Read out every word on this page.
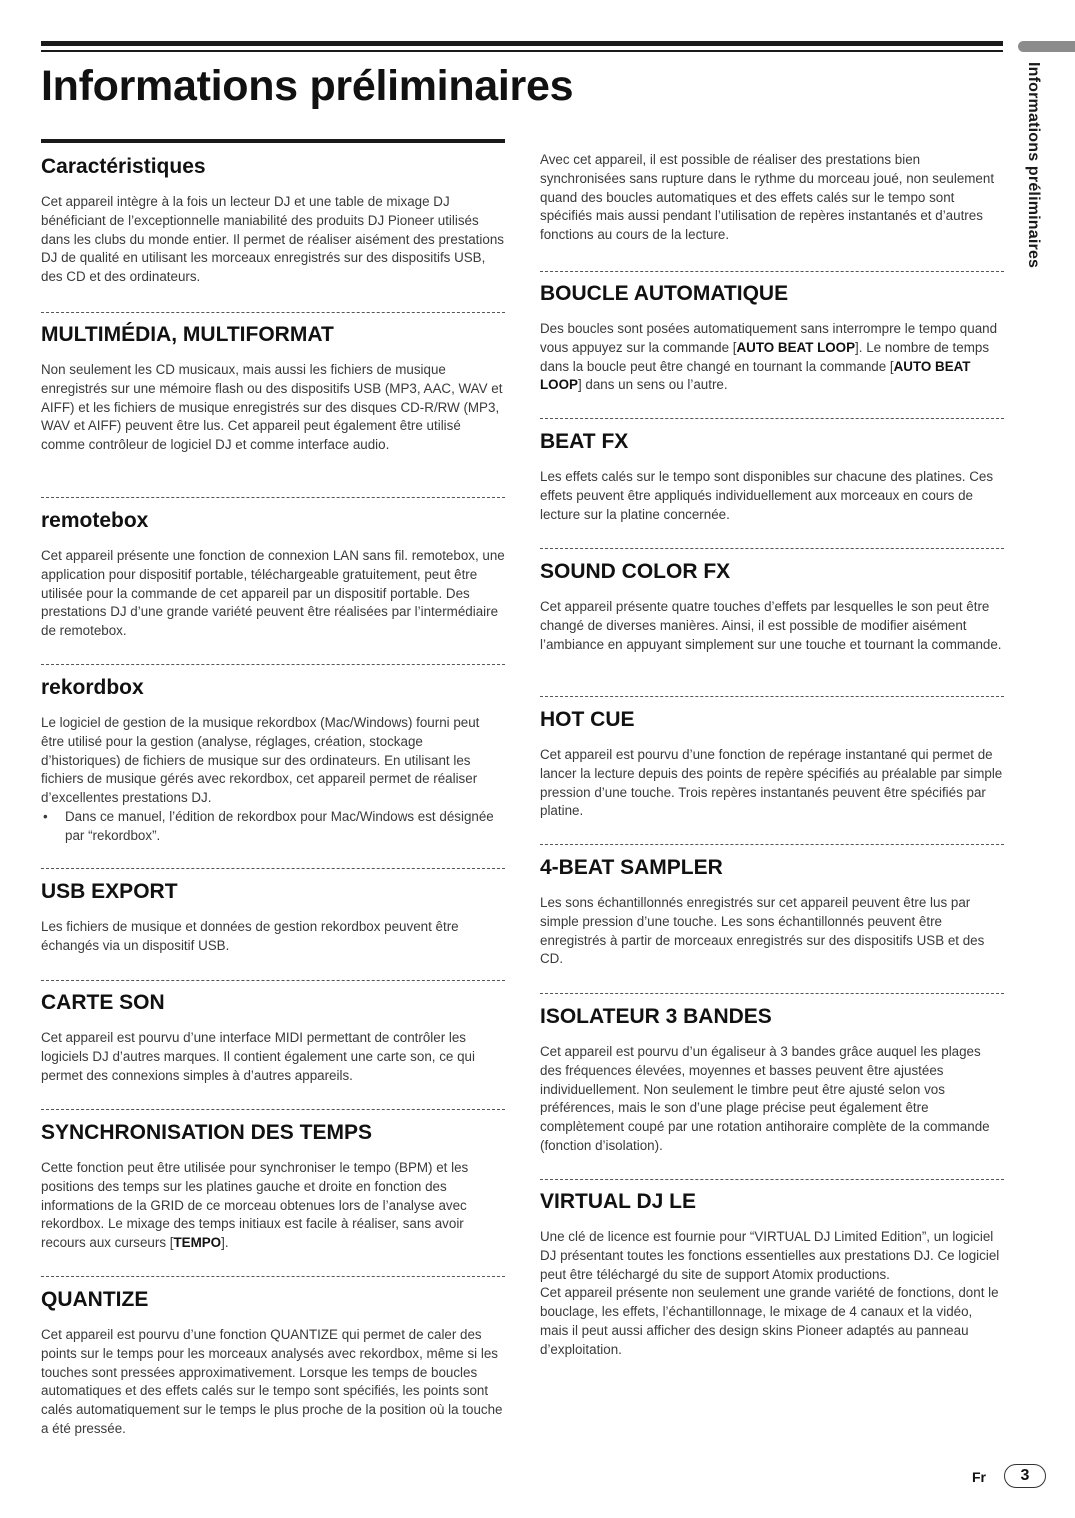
Informations préliminaires
Informations préliminaires
Caractéristiques

Cet appareil intègre à la fois un lecteur DJ et une table de mixage DJ bénéficiant de l’exceptionnelle maniabilité des produits DJ Pioneer utilisés dans les clubs du monde entier. Il permet de réaliser aisément des prestations DJ de qualité en utilisant les morceaux enregistrés sur des dispositifs USB, des CD et des ordinateurs.

MULTIMÉDIA, MULTIFORMAT

Non seulement les CD musicaux, mais aussi les fichiers de musique enregistrés sur une mémoire flash ou des dispositifs USB (MP3, AAC, WAV et AIFF) et les fichiers de musique enregistrés sur des disques CD-R/RW (MP3, WAV et AIFF) peuvent être lus. Cet appareil peut également être utilisé comme contrôleur de logiciel DJ et comme interface audio.

remotebox

Cet appareil présente une fonction de connexion LAN sans fil. remotebox, une application pour dispositif portable, téléchargeable gratuitement, peut être utilisée pour la commande de cet appareil par un dispositif portable. Des prestations DJ d’une grande variété peuvent être réalisées par l’intermédiaire de remotebox.

rekordbox

Le logiciel de gestion de la musique rekordbox (Mac/Windows) fourni peut être utilisé pour la gestion (analyse, réglages, création, stockage d’historiques) de fichiers de musique sur des ordinateurs. En utilisant les fichiers de musique gérés avec rekordbox, cet appareil permet de réaliser d’excellentes prestations DJ.

• Dans ce manuel, l’édition de rekordbox pour Mac/Windows est désignée par “rekordbox”.
USB EXPORT

Les fichiers de musique et données de gestion rekordbox peuvent être échangés via un dispositif USB.

CARTE SON

Cet appareil est pourvu d’une interface MIDI permettant de contrôler les logiciels DJ d’autres marques. Il contient également une carte son, ce qui permet des connexions simples à d’autres appareils.

SYNCHRONISATION DES TEMPS

Cette fonction peut être utilisée pour synchroniser le tempo (BPM) et les positions des temps sur les platines gauche et droite en fonction des informations de la GRID de ce morceau obtenues lors de l’analyse avec rekordbox. Le mixage des temps initiaux est facile à réaliser, sans avoir recours aux curseurs [TEMPO].

QUANTIZE

Cet appareil est pourvu d’une fonction QUANTIZE qui permet de caler des points sur le temps pour les morceaux analysés avec rekordbox, même si les touches sont pressées approximativement. Lorsque les temps de boucles automatiques et des effets calés sur le tempo sont spécifiés, les points sont calés automatiquement sur le temps le plus proche de la position où la touche a été pressée.

Avec cet appareil, il est possible de réaliser des prestations bien synchronisées sans rupture dans le rythme du morceau joué, non seulement quand des boucles automatiques et des effets calés sur le tempo sont spécifiés mais aussi pendant l’utilisation de repères instantanés et d’autres fonctions au cours de la lecture.

BOUCLE AUTOMATIQUE

Des boucles sont posées automatiquement sans interrompre le tempo quand vous appuyez sur la commande [AUTO BEAT LOOP]. Le nombre de temps dans la boucle peut être changé en tournant la commande [AUTO BEAT LOOP] dans un sens ou l’autre.

BEAT FX

Les effets calés sur le tempo sont disponibles sur chacune des platines. Ces effets peuvent être appliqués individuellement aux morceaux en cours de lecture sur la platine concernée.

SOUND COLOR FX

Cet appareil présente quatre touches d’effets par lesquelles le son peut être changé de diverses manières. Ainsi, il est possible de modifier aisément l’ambiance en appuyant simplement sur une touche et tournant la commande.

HOT CUE

Cet appareil est pourvu d’une fonction de repérage instantané qui permet de lancer la lecture depuis des points de repère spécifiés au préalable par simple pression d’une touche. Trois repères instantanés peuvent être spécifiés par platine.

4-BEAT SAMPLER

Les sons échantillonnés enregistrés sur cet appareil peuvent être lus par simple pression d’une touche. Les sons échantillonnés peuvent être enregistrés à partir de morceaux enregistrés sur des dispositifs USB et des CD.

ISOLATEUR 3 BANDES

Cet appareil est pourvu d’un égaliseur à 3 bandes grâce auquel les plages des fréquences élevées, moyennes et basses peuvent être ajustées individuellement. Non seulement le timbre peut être ajusté selon vos préférences, mais le son d’une plage précise peut également être complètement coupé par une rotation antihoraire complète de la commande (fonction d’isolation).

VIRTUAL DJ LE

Une clé de licence est fournie pour “VIRTUAL DJ Limited Edition”, un logiciel DJ présentant toutes les fonctions essentielles aux prestations DJ. Ce logiciel peut être téléchargé du site de support Atomix productions.

Cet appareil présente non seulement une grande variété de fonctions, dont le bouclage, les effets, l’échantillonnage, le mixage de 4 canaux et la vidéo, mais il peut aussi afficher des design skins Pioneer adaptés au panneau d’exploitation.

Fr	3
